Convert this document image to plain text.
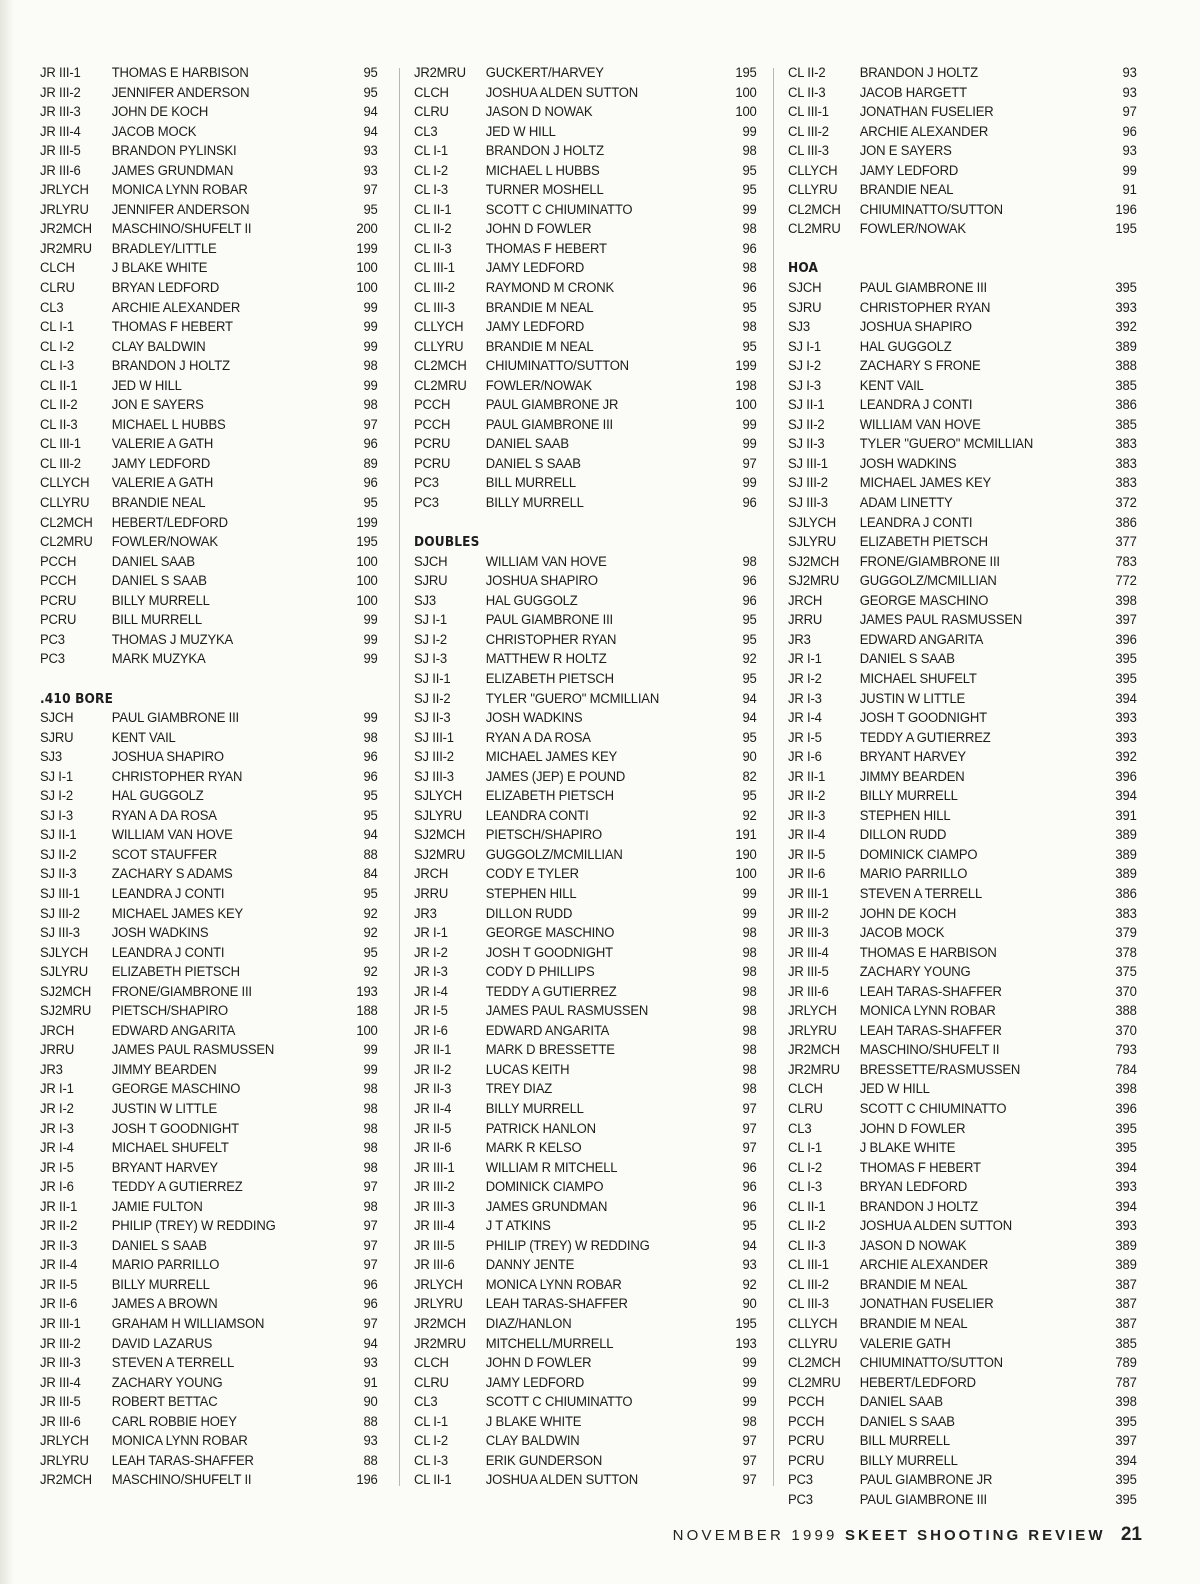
JR III-1	THOMAS E HARBISON	95
JR III-2	JENNIFER ANDERSON	95
JR III-3	JOHN DE KOCH	94
JR III-4	JACOB MOCK	94
JR III-5	BRANDON PYLINSKI	93
JR III-6	JAMES GRUNDMAN	93
JRLYCH	MONICA LYNN ROBAR	97
JRLYRU	JENNIFER ANDERSON	95
JR2MCH	MASCHINO/SHUFELT II	200
JR2MRU	BRADLEY/LITTLE	199
CLCH	J BLAKE WHITE	100
CLRU	BRYAN LEDFORD	100
CL3	ARCHIE ALEXANDER	99
CL I-1	THOMAS F HEBERT	99
CL I-2	CLAY BALDWIN	99
CL I-3	BRANDON J HOLTZ	98
CL II-1	JED W HILL	99
CL II-2	JON E SAYERS	98
CL II-3	MICHAEL L HUBBS	97
CL III-1	VALERIE A GATH	96
CL III-2	JAMY LEDFORD	89
CLLYCH	VALERIE A GATH	96
CLLYRU	BRANDIE NEAL	95
CL2MCH	HEBERT/LEDFORD	199
CL2MRU	FOWLER/NOWAK	195
PCCH	DANIEL SAAB	100
PCCH	DANIEL S SAAB	100
PCRU	BILLY MURRELL	100
PCRU	BILL MURRELL	99
PC3	THOMAS J MUZYKA	99
PC3	MARK MUZYKA	99
.410 BORE
SJCH	PAUL GIAMBRONE III	99
SJRU	KENT VAIL	98
SJ3	JOSHUA SHAPIRO	96
SJ I-1	CHRISTOPHER RYAN	96
SJ I-2	HAL GUGGOLZ	95
SJ I-3	RYAN A DA ROSA	95
SJ II-1	WILLIAM VAN HOVE	94
SJ II-2	SCOT STAUFFER	88
SJ II-3	ZACHARY S ADAMS	84
SJ III-1	LEANDRA J CONTI	95
SJ III-2	MICHAEL JAMES KEY	92
SJ III-3	JOSH WADKINS	92
SJLYCH	LEANDRA J CONTI	95
SJLYRU	ELIZABETH PIETSCH	92
SJ2MCH	FRONE/GIAMBRONE III	193
SJ2MRU	PIETSCH/SHAPIRO	188
JRCH	EDWARD ANGARITA	100
JRRU	JAMES PAUL RASMUSSEN	99
JR3	JIMMY BEARDEN	99
JR I-1	GEORGE MASCHINO	98
JR I-2	JUSTIN W LITTLE	98
JR I-3	JOSH T GOODNIGHT	98
JR I-4	MICHAEL SHUFELT	98
JR I-5	BRYANT HARVEY	98
JR I-6	TEDDY A GUTIERREZ	97
JR II-1	JAMIE FULTON	98
JR II-2	PHILIP (TREY) W REDDING	97
JR II-3	DANIEL S SAAB	97
JR II-4	MARIO PARRILLO	97
JR II-5	BILLY MURRELL	96
JR II-6	JAMES A BROWN	96
JR III-1	GRAHAM H WILLIAMSON	97
JR III-2	DAVID LAZARUS	94
JR III-3	STEVEN A TERRELL	93
JR III-4	ZACHARY YOUNG	91
JR III-5	ROBERT BETTAC	90
JR III-6	CARL ROBBIE HOEY	88
JRLYCH	MONICA LYNN ROBAR	93
JRLYRU	LEAH TARAS-SHAFFER	88
JR2MCH	MASCHINO/SHUFELT II	196
JR2MRU	GUCKERT/HARVEY	195
CLCH	JOSHUA ALDEN SUTTON	100
CLRU	JASON D NOWAK	100
CL3	JED W HILL	99
CL I-1	BRANDON J HOLTZ	98
CL I-2	MICHAEL L HUBBS	95
CL I-3	TURNER MOSHELL	95
CL II-1	SCOTT C CHIUMINATTO	99
CL II-2	JOHN D FOWLER	98
CL II-3	THOMAS F HEBERT	96
CL III-1	JAMY LEDFORD	98
CL III-2	RAYMOND M CRONK	96
CL III-3	BRANDIE M NEAL	95
CLLYCH	JAMY LEDFORD	98
CLLYRU	BRANDIE M NEAL	95
CL2MCH	CHIUMINATTO/SUTTON	199
CL2MRU	FOWLER/NOWAK	198
PCCH	PAUL GIAMBRONE JR	100
PCCH	PAUL GIAMBRONE III	99
PCRU	DANIEL SAAB	99
PCRU	DANIEL S SAAB	97
PC3	BILL MURRELL	99
PC3	BILLY MURRELL	96
DOUBLES
SJCH	WILLIAM VAN HOVE	98
SJRU	JOSHUA SHAPIRO	96
SJ3	HAL GUGGOLZ	96
SJ I-1	PAUL GIAMBRONE III	95
SJ I-2	CHRISTOPHER RYAN	95
SJ I-3	MATTHEW R HOLTZ	92
SJ II-1	ELIZABETH PIETSCH	95
SJ II-2	TYLER "GUERO" MCMILLIAN	94
SJ II-3	JOSH WADKINS	94
SJ III-1	RYAN A DA ROSA	95
SJ III-2	MICHAEL JAMES KEY	90
SJ III-3	JAMES (JEP) E POUND	82
SJLYCH	ELIZABETH PIETSCH	95
SJLYRU	LEANDRA CONTI	92
SJ2MCH	PIETSCH/SHAPIRO	191
SJ2MRU	GUGGOLZ/MCMILLIAN	190
JRCH	CODY E TYLER	100
JRRU	STEPHEN HILL	99
JR3	DILLON RUDD	99
JR I-1	GEORGE MASCHINO	98
JR I-2	JOSH T GOODNIGHT	98
JR I-3	CODY D PHILLIPS	98
JR I-4	TEDDY A GUTIERREZ	98
JR I-5	JAMES PAUL RASMUSSEN	98
JR I-6	EDWARD ANGARITA	98
JR II-1	MARK D BRESSETTE	98
JR II-2	LUCAS KEITH	98
JR II-3	TREY DIAZ	98
JR II-4	BILLY MURRELL	97
JR II-5	PATRICK HANLON	97
JR II-6	MARK R KELSO	97
JR III-1	WILLIAM R MITCHELL	96
JR III-2	DOMINICK CIAMPO	96
JR III-3	JAMES GRUNDMAN	96
JR III-4	J T ATKINS	95
JR III-5	PHILIP (TREY) W REDDING	94
JR III-6	DANNY JENTE	93
JRLYCH	MONICA LYNN ROBAR	92
JRLYRU	LEAH TARAS-SHAFFER	90
JR2MCH	DIAZ/HANLON	195
JR2MRU	MITCHELL/MURRELL	193
CLCH	JOHN D FOWLER	99
CLRU	JAMY LEDFORD	99
CL3	SCOTT C CHIUMINATTO	99
CL I-1	J BLAKE WHITE	98
CL I-2	CLAY BALDWIN	97
CL I-3	ERIK GUNDERSON	97
CL II-1	JOSHUA ALDEN SUTTON	97
CL II-2	BRANDON J HOLTZ	93
CL II-3	JACOB HARGETT	93
CL III-1	JONATHAN FUSELIER	97
CL III-2	ARCHIE ALEXANDER	96
CL III-3	JON E SAYERS	93
CLLYCH	JAMY LEDFORD	99
CLLYRU	BRANDIE NEAL	91
CL2MCH	CHIUMINATTO/SUTTON	196
CL2MRU	FOWLER/NOWAK	195
HOA
SJCH	PAUL GIAMBRONE III	395
SJRU	CHRISTOPHER RYAN	393
SJ3	JOSHUA SHAPIRO	392
SJ I-1	HAL GUGGOLZ	389
SJ I-2	ZACHARY S FRONE	388
SJ I-3	KENT VAIL	385
SJ II-1	LEANDRA J CONTI	386
SJ II-2	WILLIAM VAN HOVE	385
SJ II-3	TYLER "GUERO" MCMILLIAN	383
SJ III-1	JOSH WADKINS	383
SJ III-2	MICHAEL JAMES KEY	383
SJ III-3	ADAM LINETTY	372
SJLYCH	LEANDRA J CONTI	386
SJLYRU	ELIZABETH PIETSCH	377
SJ2MCH	FRONE/GIAMBRONE III	783
SJ2MRU	GUGGOLZ/MCMILLIAN	772
JRCH	GEORGE MASCHINO	398
JRRU	JAMES PAUL RASMUSSEN	397
JR3	EDWARD ANGARITA	396
JR I-1	DANIEL S SAAB	395
JR I-2	MICHAEL SHUFELT	395
JR I-3	JUSTIN W LITTLE	394
JR I-4	JOSH T GOODNIGHT	393
JR I-5	TEDDY A GUTIERREZ	393
JR I-6	BRYANT HARVEY	392
JR II-1	JIMMY BEARDEN	396
JR II-2	BILLY MURRELL	394
JR II-3	STEPHEN HILL	391
JR II-4	DILLON RUDD	389
JR II-5	DOMINICK CIAMPO	389
JR II-6	MARIO PARRILLO	389
JR III-1	STEVEN A TERRELL	386
JR III-2	JOHN DE KOCH	383
JR III-3	JACOB MOCK	379
JR III-4	THOMAS E HARBISON	378
JR III-5	ZACHARY YOUNG	375
JR III-6	LEAH TARAS-SHAFFER	370
JRLYCH	MONICA LYNN ROBAR	388
JRLYRU	LEAH TARAS-SHAFFER	370
JR2MCH	MASCHINO/SHUFELT II	793
JR2MRU	BRESSETTE/RASMUSSEN	784
CLCH	JED W HILL	398
CLRU	SCOTT C CHIUMINATTO	396
CL3	JOHN D FOWLER	395
CL I-1	J BLAKE WHITE	395
CL I-2	THOMAS F HEBERT	394
CL I-3	BRYAN LEDFORD	393
CL II-1	BRANDON J HOLTZ	394
CL II-2	JOSHUA ALDEN SUTTON	393
CL II-3	JASON D NOWAK	389
CL III-1	ARCHIE ALEXANDER	389
CL III-2	BRANDIE M NEAL	387
CL III-3	JONATHAN FUSELIER	387
CLLYCH	BRANDIE M NEAL	387
CLLYRU	VALERIE GATH	385
CL2MCH	CHIUMINATTO/SUTTON	789
CL2MRU	HEBERT/LEDFORD	787
PCCH	DANIEL SAAB	398
PCCH	DANIEL S SAAB	395
PCRU	BILL MURRELL	397
PCRU	BILLY MURRELL	394
PC3	PAUL GIAMBRONE JR	395
PC3	PAUL GIAMBRONE III	395
NOVEMBER 1999 SKEET SHOOTING REVIEW 21
